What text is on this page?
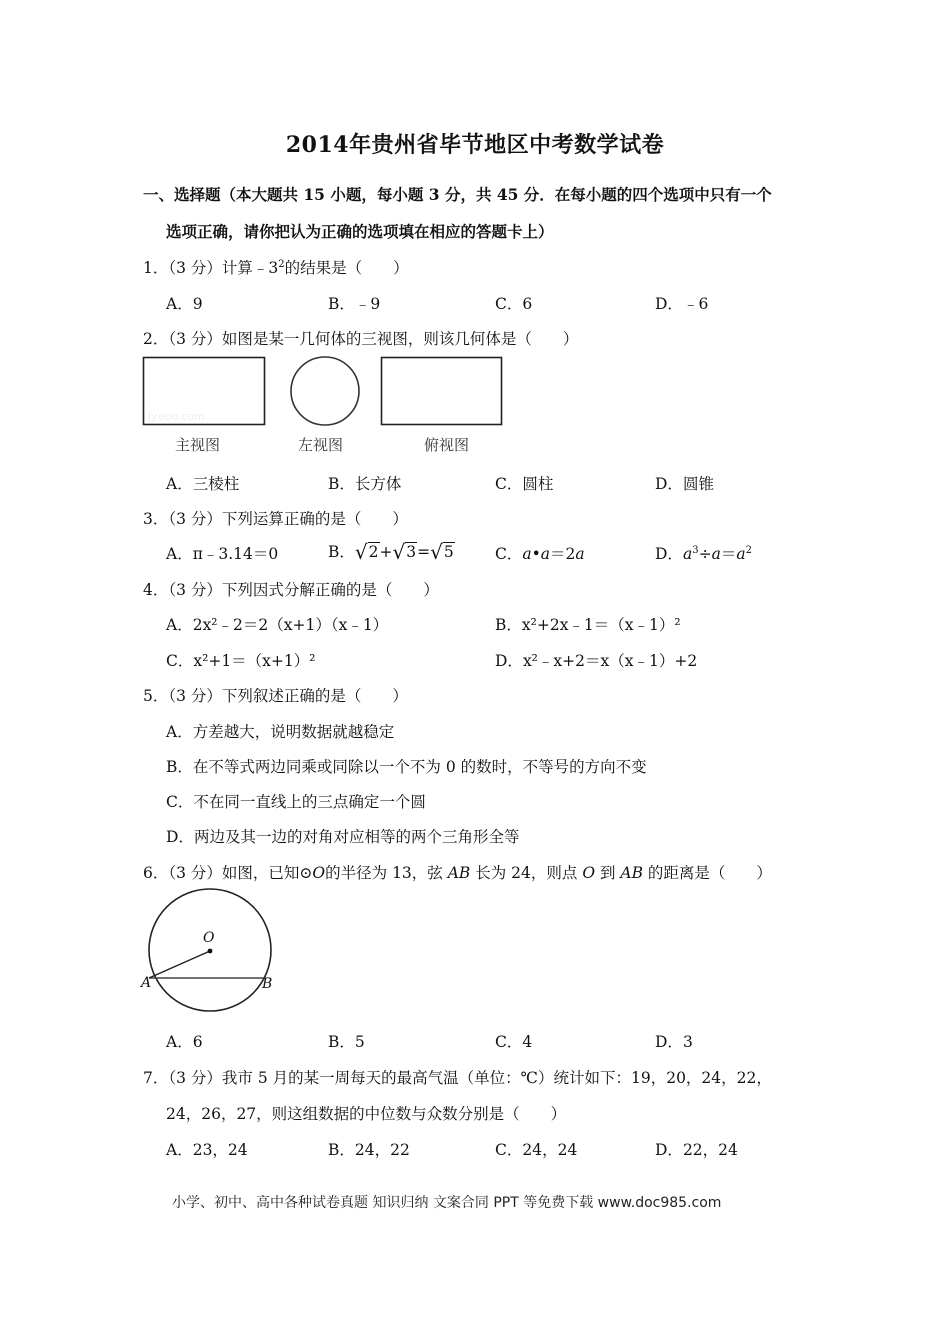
2014年贵州省毕节地区中考数学试卷
一、选择题（本大题共 15 小题，每小题 3 分，共 45 分．在每小题的四个选项中只有一个
选项正确，请你把认为正确的选项填在相应的答题卡上）
1．（3 分）计算$﹣3^2$的结果是（　　）
A．9	B．﹣9	C．6	D．﹣6
2．（3 分）如图是某一几何体的三视图，则该几何体是（　　）
Jyeoo.com
主视图	左视图	俯视图
A．三棱柱	B．长方体	C．圆柱	D．圆锥
3．（3 分）下列运算正确的是（　　）
A．π﹣3.14＝0	B．√2+√3=√5	C．a•a＝2a	D．$a^3\div a=a^2$
4．（3 分）下列因式分解正确的是（　　）
A．2x²﹣2＝2（x+1）（x﹣1）	B．x²+2x﹣1＝（x﹣1）²
C．x²+1＝（x+1）²	D．x²﹣x+2＝x（x﹣1）+2
5．（3 分）下列叙述正确的是（　　）
A．方差越大，说明数据就越稳定
B．在不等式两边同乘或同除以一个不为 0 的数时，不等号的方向不变
C．不在同一直线上的三点确定一个圆
D．两边及其一边的对角对应相等的两个三角形全等
6．（3 分）如图，已知⊙O的半径为 13，弦 AB 长为 24，则点 O 到 AB 的距离是（　　）
O
A	B
A．6	B．5	C．4	D．3
7．（3 分）我市 5 月的某一周每天的最高气温（单位：℃）统计如下：19，20，24，22，
24，26，27，则这组数据的中位数与众数分别是（　　）
A．23，24	B．24，22	C．24，24	D．22，24
小学、初中、高中各种试卷真题 知识归纳 文案合同 PPT 等免费下载 www.doc985.com
